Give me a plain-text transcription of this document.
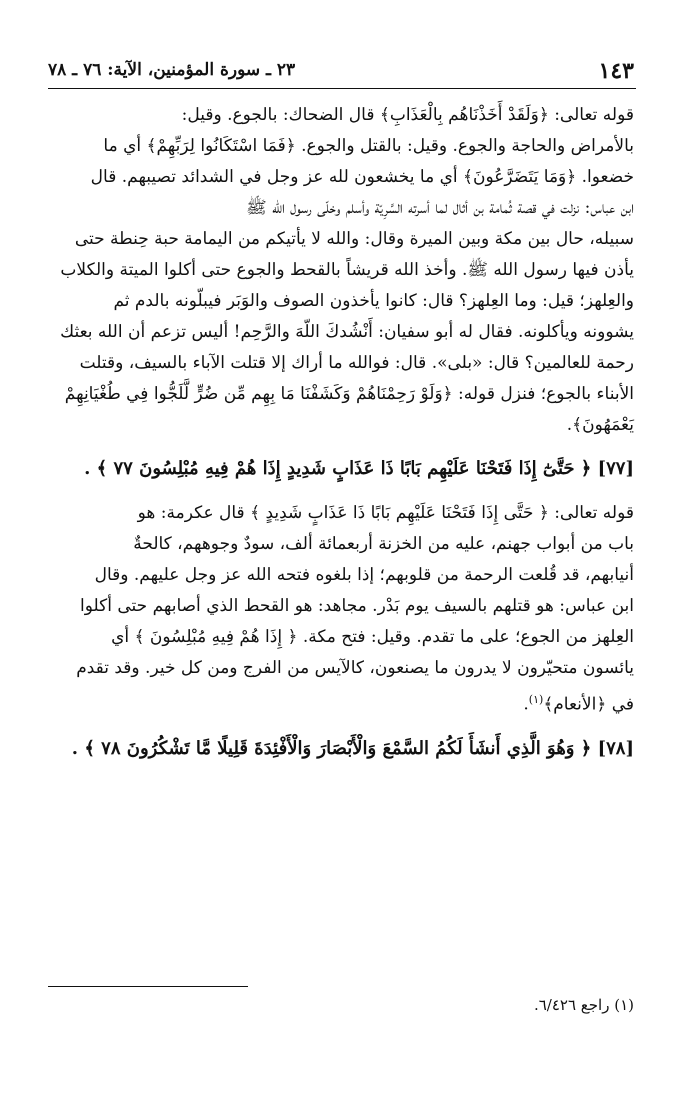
١٤٣
٢٣ ـ سورة المؤمنين، الآية: ٧٦ ـ ٧٨

قوله تعالى: ﴿وَلَقَدْ أَخَذْنَاهُم بِالْعَذَابِ﴾ قال الضحاك: بالجوع. وقيل:

بالأمراض والحاجة والجوع. وقيل: بالقتل والجوع. ﴿فَمَا اسْتَكَانُوا لِرَبِّهِمْ﴾ أي ما

خضعوا. ﴿وَمَا يَتَضَرَّعُونَ﴾ أي ما يخشعون لله عز وجل في الشدائد تصيبهم. قال

ابن عباس: نزلت في قصة ثُمامة بن أثال لما أسرته السَّرِيّة وأسلم وخلّى رسول الله ﷺ

سبيله، حال بين مكة وبين الميرة وقال: والله لا يأتيكم من اليمامة حبة حِنطة حتى

يأذن فيها رسول الله ﷺ. وأخذ الله قريشاً بالقحط والجوع حتى أكلوا الميتة والكلاب

والعِلهز؛ قيل: وما العِلهز؟ قال: كانوا يأخذون الصوف والوَبَر فيبلّونه بالدم ثم

يشوونه ويأكلونه. فقال له أبو سفيان: أَنْشُدكَ اللّهَ والرَّحِم! أليس تزعم أن الله بعثك

رحمة للعالمين؟ قال: «بلى». قال: فوالله ما أراك إلا قتلت الآباء بالسيف، وقتلت

الأبناء بالجوع؛ فنزل قوله: ﴿وَلَوْ رَحِمْنَاهُمْ وَكَشَفْنَا مَا بِهِم مِّن ضُرٍّ لَّلَجُّوا فِي طُغْيَانِهِمْ

يَعْمَهُونَ﴾.

[٧٧] ﴿ حَتَّىٰٓ إِذَا فَتَحْنَا عَلَيْهِم بَابًا ذَا عَذَابٍ شَدِيدٍ إِذَا هُمْ فِيهِ مُبْلِسُونَ ٧٧ ﴾ .

قوله تعالى: ﴿ حَتَّى إِذَا فَتَحْنَا عَلَيْهِم بَابًا ذَا عَذَابٍ شَدِيدٍ ﴾ قال عكرمة: هو

باب من أبواب جهنم، عليه من الخزنة أربعمائة ألف، سودٌ وجوههم، كالحةٌ

أنيابهم، قد قُلعت الرحمة من قلوبهم؛ إذا بلغوه فتحه الله عز وجل عليهم. وقال

ابن عباس: هو قتلهم بالسيف يوم بَدْر. مجاهد: هو القحط الذي أصابهم حتى أكلوا

العِلهز من الجوع؛ على ما تقدم. وقيل: فتح مكة. ﴿ إِذَا هُمْ فِيهِ مُبْلِسُونَ ﴾ أي

يائسون متحيّرون لا يدرون ما يصنعون، كالآيس من الفرج ومن كل خير. وقد تقدم

في ﴿الأنعام﴾$^{(١)}$.

[٧٨] ﴿ وَهُوَ الَّذِي أَنشَأَ لَكُمُ السَّمْعَ وَالْأَبْصَارَ وَالْأَفْئِدَةَ قَلِيلًا مَّا تَشْكُرُونَ ٧٨ ﴾ .
(١) راجع ٦/٤٢٦.
